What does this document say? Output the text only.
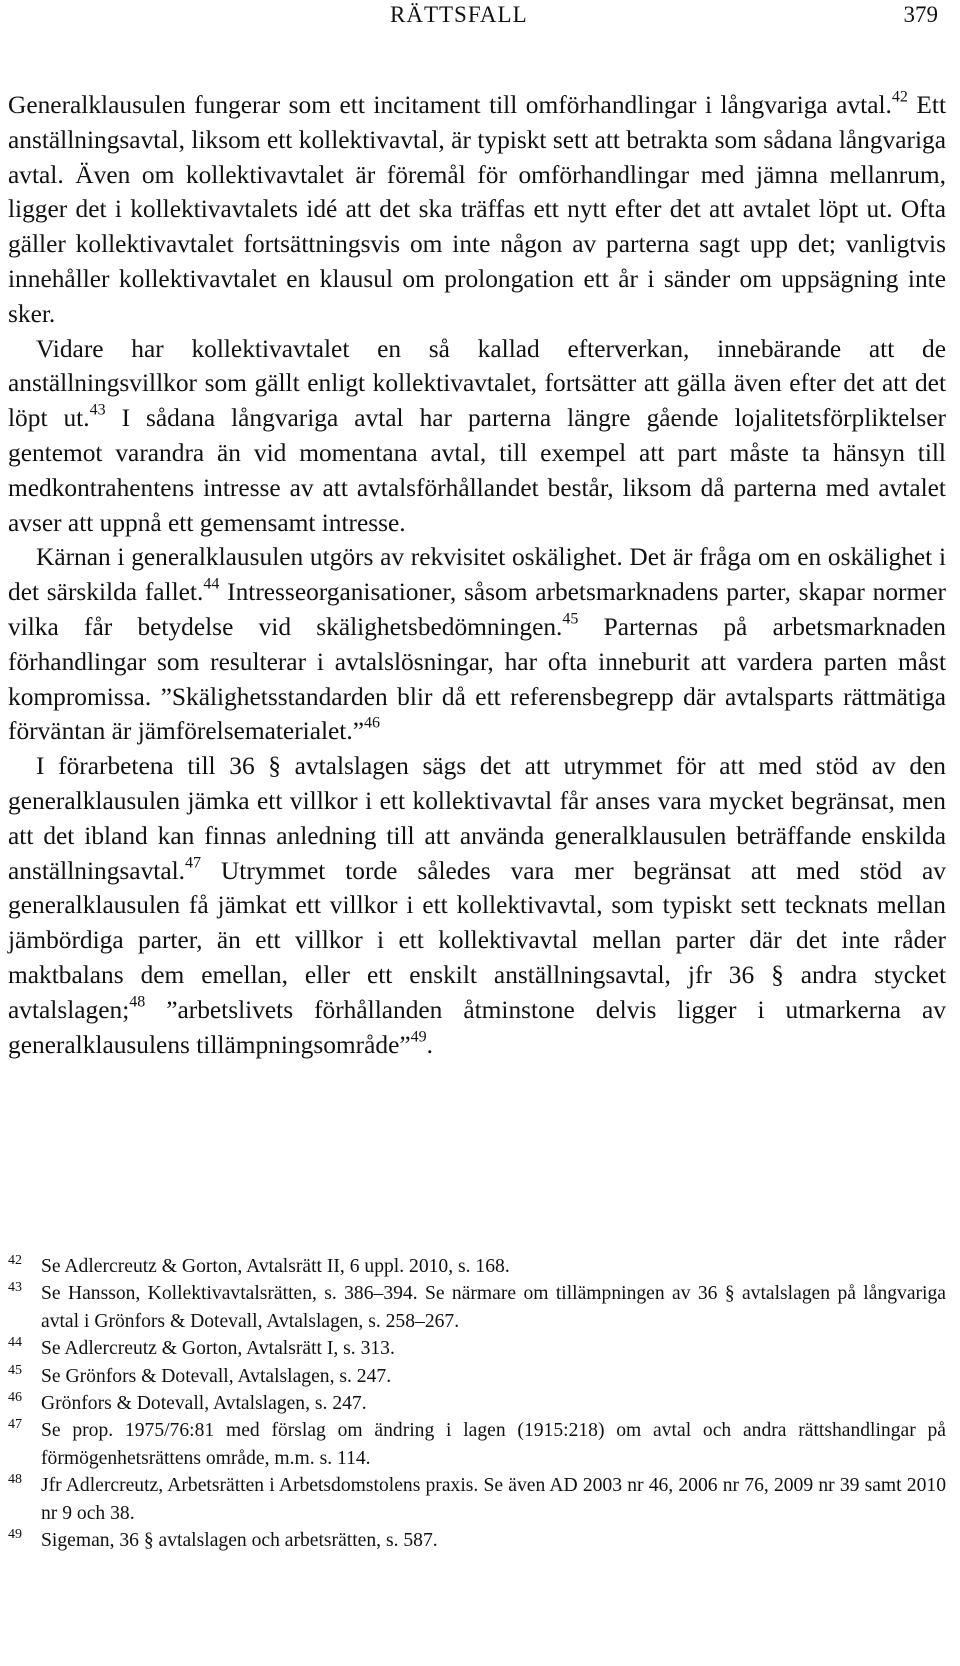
RÄTTSFALL	379

Generalklausulen fungerar som ett incitament till omförhandlingar i långvariga avtal.$^{42}$ Ett anställningsavtal, liksom ett kollektivavtal, är typiskt sett att betrakta som sådana långvariga avtal. Även om kollektivavtalet är föremål för omförhandlingar med jämna mellanrum, ligger det i kollektivavtalets idé att det ska träffas ett nytt efter det att avtalet löpt ut. Ofta gäller kollektivavtalet fortsättningsvis om inte någon av parterna sagt upp det; vanligtvis innehåller kollektivavtalet en klausul om prolongation ett år i sänder om uppsägning inte sker.

Vidare har kollektivavtalet en så kallad efterverkan, innebärande att de anställningsvillkor som gällt enligt kollektivavtalet, fortsätter att gälla även efter det att det löpt ut.$^{43}$ I sådana långvariga avtal har parterna längre gående lojalitetsförpliktelser gentemot varandra än vid momentana avtal, till exempel att part måste ta hänsyn till medkontrahentens intresse av att avtalsförhållandet består, liksom då parterna med avtalet avser att uppnå ett gemensamt intresse.

Kärnan i generalklausulen utgörs av rekvisitet oskälighet. Det är fråga om en oskälighet i det särskilda fallet.$^{44}$ Intresseorganisationer, såsom arbetsmarknadens parter, skapar normer vilka får betydelse vid skälighetsbedömningen.$^{45}$ Parternas på arbetsmarknaden förhandlingar som resulterar i avtalslösningar, har ofta inneburit att vardera parten måst kompromissa. ”Skälighetsstandarden blir då ett referensbegrepp där avtalsparts rättmätiga förväntan är jämförelsematerialet.”$^{46}$

I förarbetena till 36 § avtalslagen sägs det att utrymmet för att med stöd av den generalklausulen jämka ett villkor i ett kollektivavtal får anses vara mycket begränsat, men att det ibland kan finnas anledning till att använda generalklausulen beträffande enskilda anställningsavtal.$^{47}$ Utrymmet torde således vara mer begränsat att med stöd av generalklausulen få jämkat ett villkor i ett kollektivavtal, som typiskt sett tecknats mellan jämbördiga parter, än ett villkor i ett kollektivavtal mellan parter där det inte råder maktbalans dem emellan, eller ett enskilt anställningsavtal, jfr 36 § andra stycket avtalslagen;$^{48}$ ”arbetslivets förhållanden åtminstone delvis ligger i utmarkerna av generalklausulens tillämpningsområde”$^{49}$.

42 Se Adlercreutz & Gorton, Avtalsrätt II, 6 uppl. 2010, s. 168.
43 Se Hansson, Kollektivavtalsrätten, s. 386–394. Se närmare om tillämpningen av 36 § avtalslagen på långvariga avtal i Grönfors & Dotevall, Avtalslagen, s. 258–267.
44 Se Adlercreutz & Gorton, Avtalsrätt I, s. 313.
45 Se Grönfors & Dotevall, Avtalslagen, s. 247.
46 Grönfors & Dotevall, Avtalslagen, s. 247.
47 Se prop. 1975/76:81 med förslag om ändring i lagen (1915:218) om avtal och andra rättshandlingar på förmögenhetsrättens område, m.m. s. 114.
48 Jfr Adlercreutz, Arbetsrätten i Arbetsdomstolens praxis. Se även AD 2003 nr 46, 2006 nr 76, 2009 nr 39 samt 2010 nr 9 och 38.
49 Sigeman, 36 § avtalslagen och arbetsrätten, s. 587.
